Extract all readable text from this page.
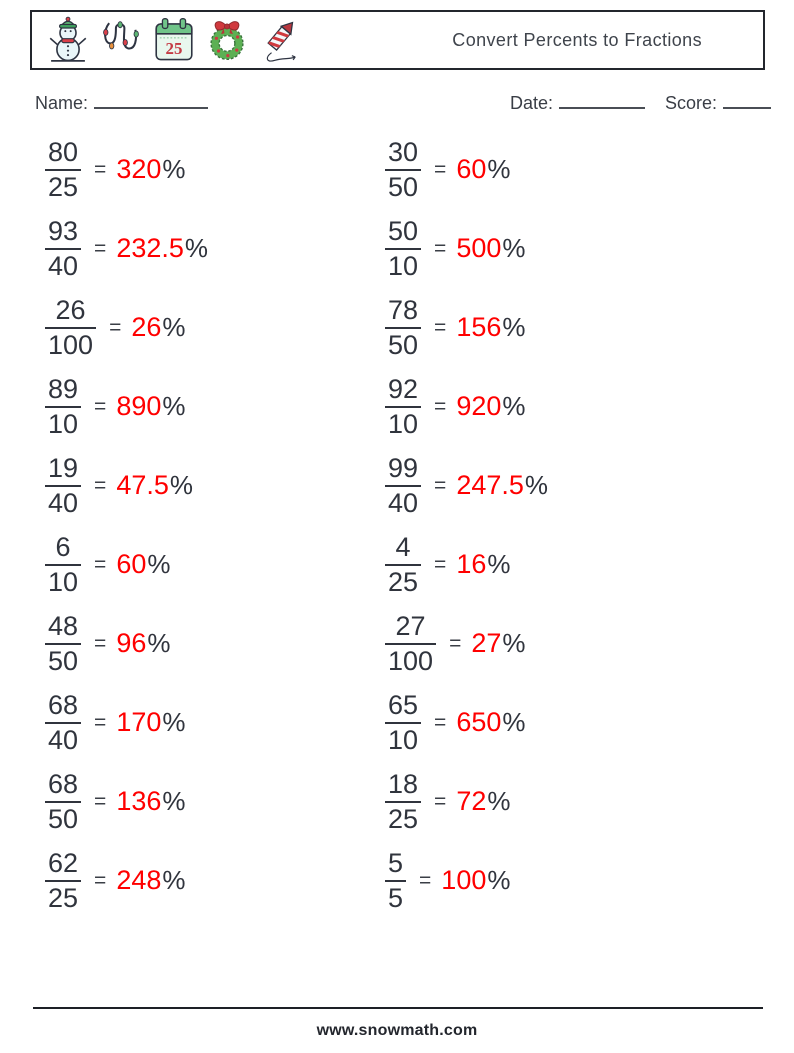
25	Convert Percents to Fractions
Name:	Date:	Score:
$\frac{80}{25} = 320$ %	$\frac{30}{50} = 60$ %
$\frac{93}{40} = 232.5$ %	$\frac{50}{10} = 500$ %
$\frac{26}{100} = 26$ %	$\frac{78}{50} = 156$ %
$\frac{89}{10} = 890$ %	$\frac{92}{10} = 920$ %
$\frac{19}{40} = 47.5$ %	$\frac{99}{40} = 247.5$ %
$\frac{6}{10} = 60$ %	$\frac{4}{25} = 16$ %
$\frac{48}{50} = 96$ %	$\frac{27}{100} = 27$ %
$\frac{68}{40} = 170$ %	$\frac{65}{10} = 650$ %
$\frac{68}{50} = 136$ %	$\frac{18}{25} = 72$ %
$\frac{62}{25} = 248$ %	$\frac{5}{5} = 100$ %
www.snowmath.com
